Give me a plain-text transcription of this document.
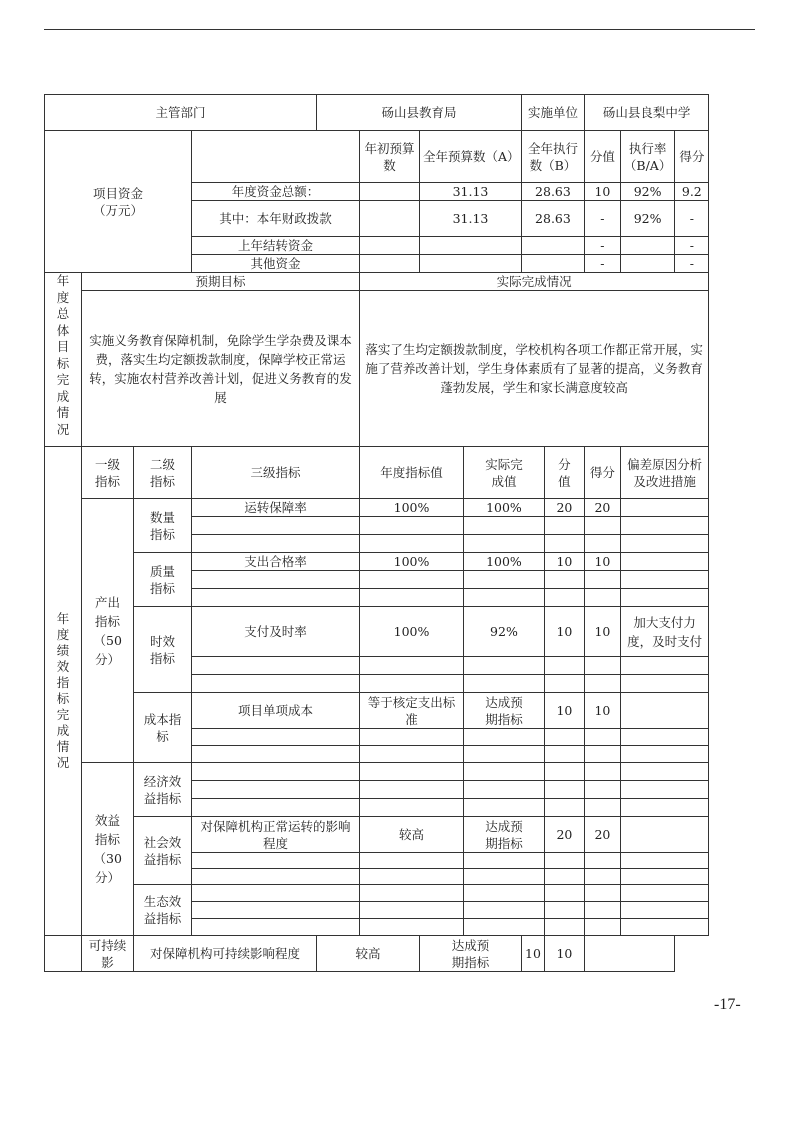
主管部门				砀山县教育局				实施单位		砀山县良梨中学		
项目资金（万元）					年初预算数	全年预算数（A）		全年执行数（B）		分值	执行率（B/A）	得分
			年度资金总额：			31.13		28.63		10	92%	9.2
			其中：本年财政拨款			31.13		28.63		-	92%	-
			上年结转资金							-		-
			其他资金							-		-

年度总体目标完成情况	预期目标				实际完成情况							
	实施义务教育保障机制，免除学生学杂费及课本费，落实生均定额拨款制度，保障学校正常运转，实施农村营养改善计划，促进义务教育的发展				落实了生均定额拨款制度，学校机构各项工作都正常开展，实施了营养改善计划，学生身体素质有了显著的提高，义务教育蓬勃发展，学生和家长满意度较高							

年度绩效指标完成情况	一级指标	二级指标	三级指标		年度指标值		实际完成值		分值	得分	偏差原因分析及改进措施	

	产出指标（50分）	数量指标	运转保障率		100%		100%		20	20		

		质量指标	支出合格率		100%		100%		10	10		

		时效指标	支付及时率		100%		92%		10	10	加大支付力度，及时支付	

		成本指标	项目单项成本		等于核定支出标准		达成预期指标		10	10		

	效益指标（30分）	经济效益指标										

		社会效益指标	对保障机构正常运转的影响程度		较高		达成预期指标		20	20		

		生态效益指标										

	可持续影	对保障机构可持续影响程度		较高		达成预期指标		10	10			
-17-
